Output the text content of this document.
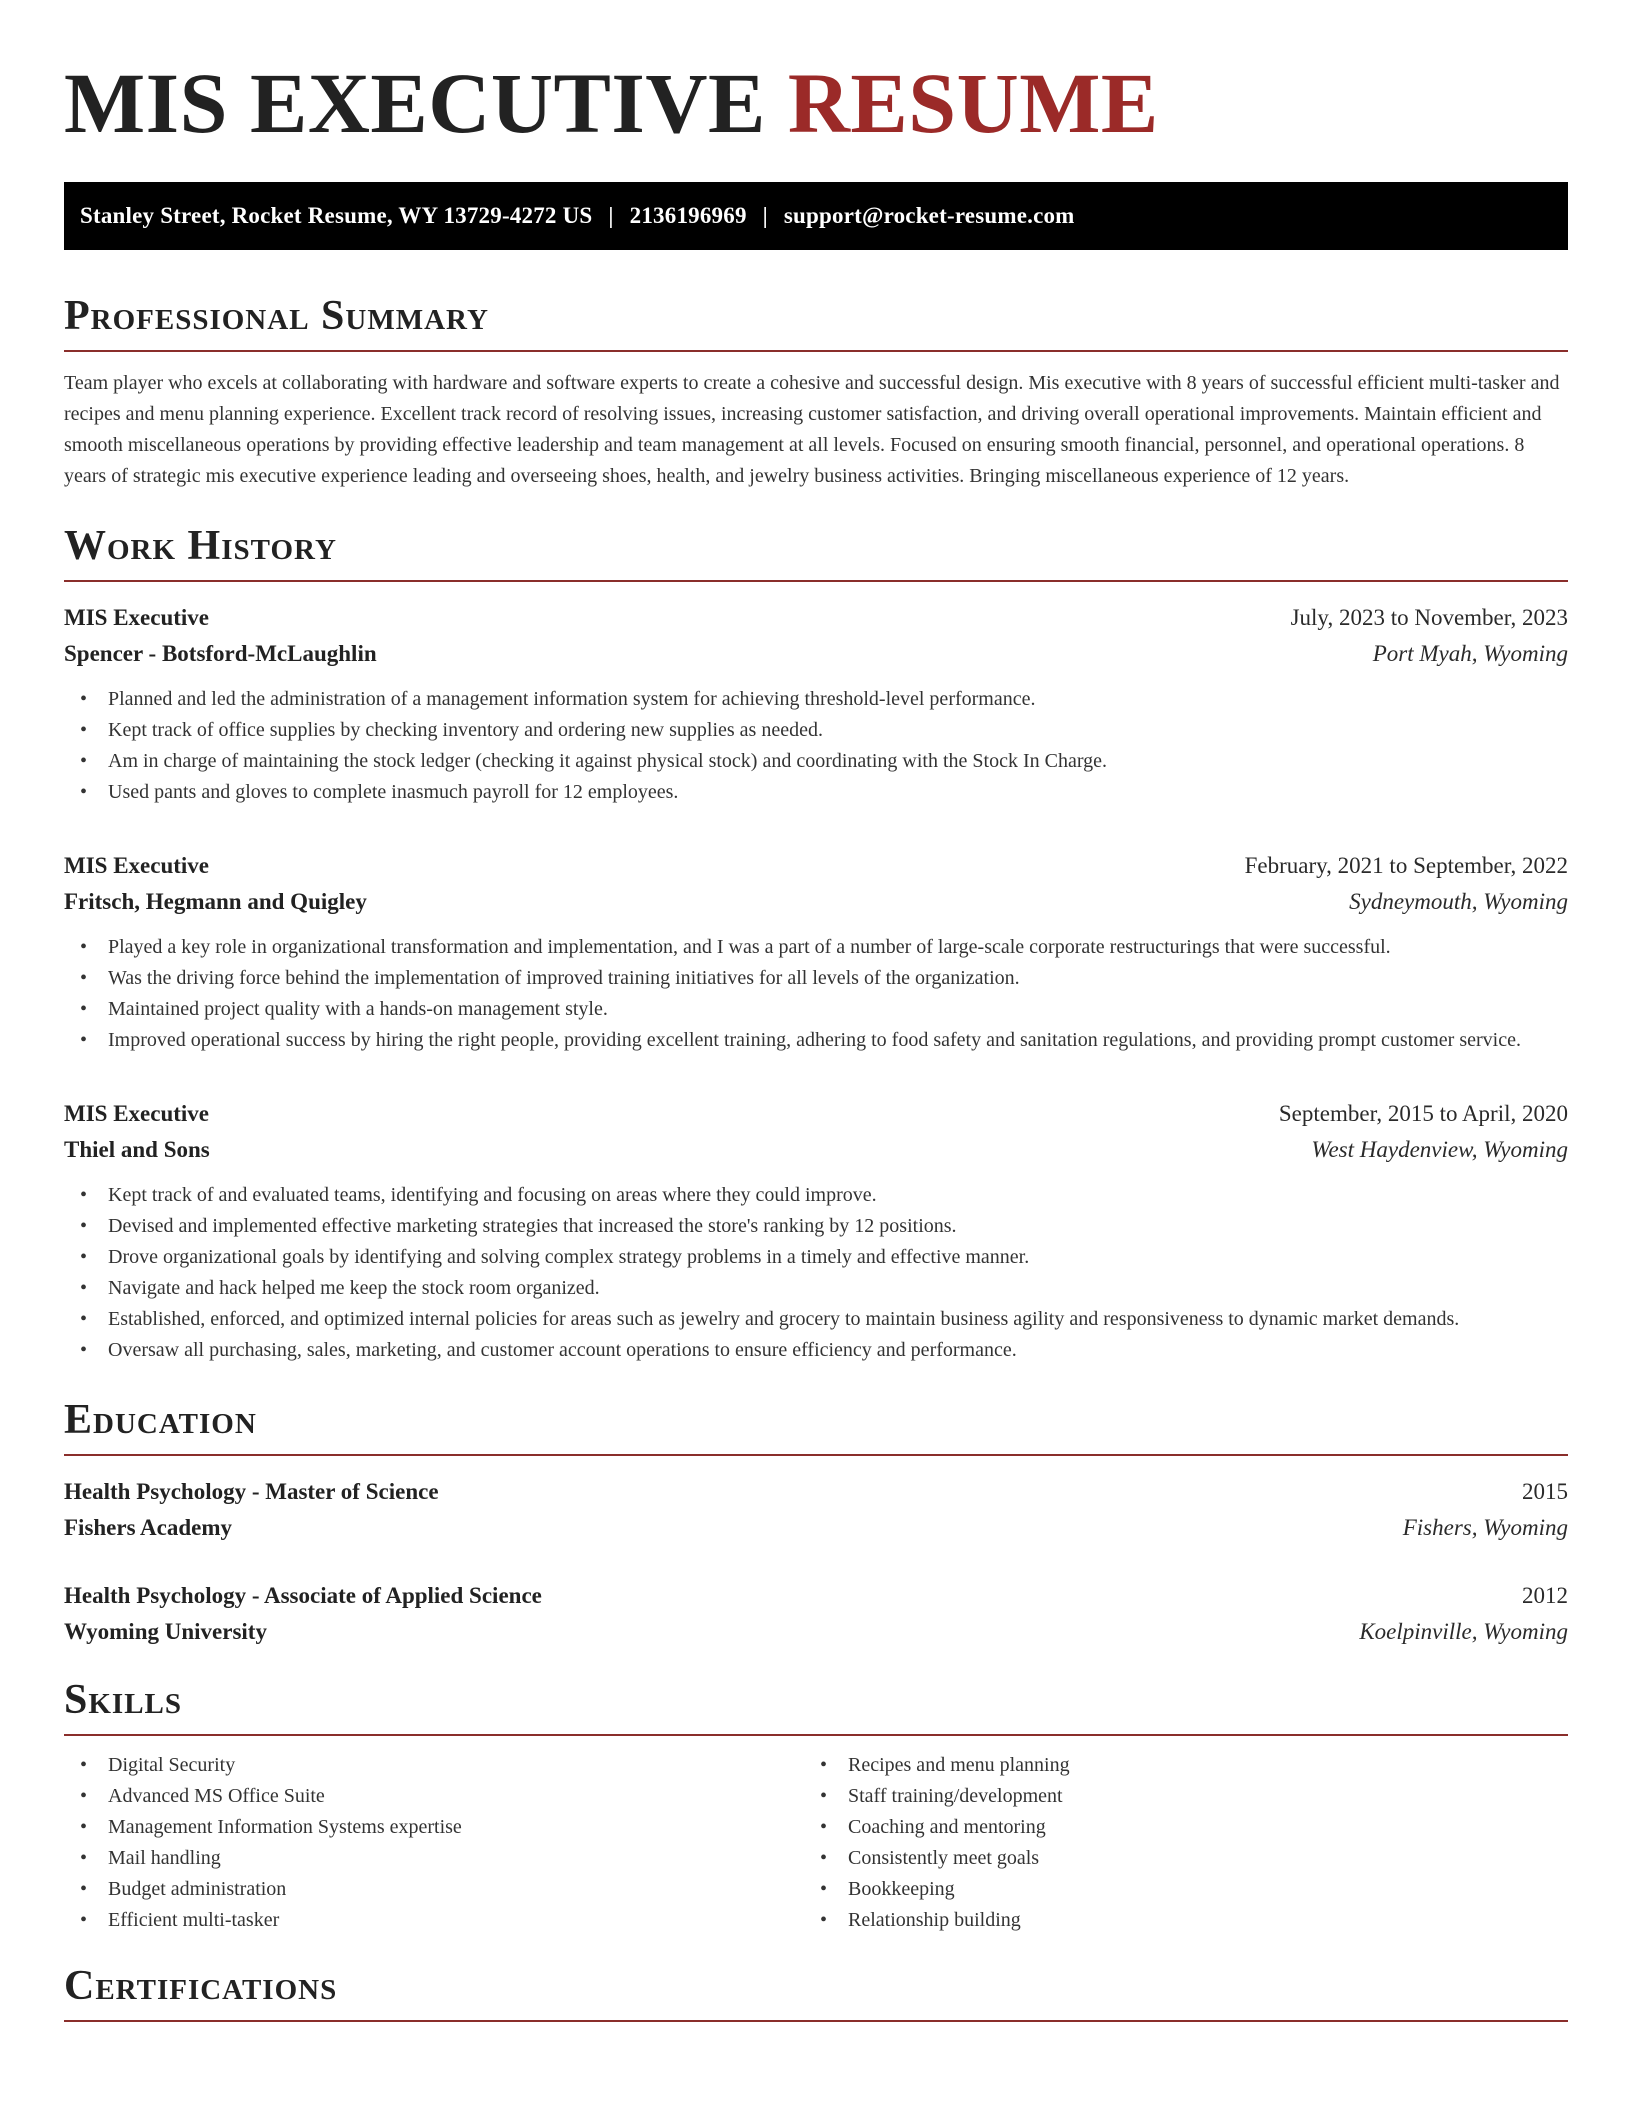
MIS EXECUTIVE RESUME
Stanley Street, Rocket Resume, WY 13729-4272 US | 2136196969 | support@rocket-resume.com
Professional Summary

Team player who excels at collaborating with hardware and software experts to create a cohesive and successful design. Mis executive with 8 years of successful efficient multi-tasker and recipes and menu planning experience. Excellent track record of resolving issues, increasing customer satisfaction, and driving overall operational improvements. Maintain efficient and smooth miscellaneous operations by providing effective leadership and team management at all levels. Focused on ensuring smooth financial, personnel, and operational operations. 8 years of strategic mis executive experience leading and overseeing shoes, health, and jewelry business activities. Bringing miscellaneous experience of 12 years.

Work History
MIS Executive	July, 2023 to November, 2023
Spencer - Botsford-McLaughlin	Port Myah, Wyoming
• Planned and led the administration of a management information system for achieving threshold-level performance.
• Kept track of office supplies by checking inventory and ordering new supplies as needed.
• Am in charge of maintaining the stock ledger (checking it against physical stock) and coordinating with the Stock In Charge.
• Used pants and gloves to complete inasmuch payroll for 12 employees.
MIS Executive	February, 2021 to September, 2022
Fritsch, Hegmann and Quigley	Sydneymouth, Wyoming
• Played a key role in organizational transformation and implementation, and I was a part of a number of large-scale corporate restructurings that were successful.
• Was the driving force behind the implementation of improved training initiatives for all levels of the organization.
• Maintained project quality with a hands-on management style.
• Improved operational success by hiring the right people, providing excellent training, adhering to food safety and sanitation regulations, and providing prompt customer service.
MIS Executive	September, 2015 to April, 2020
Thiel and Sons	West Haydenview, Wyoming
• Kept track of and evaluated teams, identifying and focusing on areas where they could improve.
• Devised and implemented effective marketing strategies that increased the store's ranking by 12 positions.
• Drove organizational goals by identifying and solving complex strategy problems in a timely and effective manner.
• Navigate and hack helped me keep the stock room organized.
• Established, enforced, and optimized internal policies for areas such as jewelry and grocery to maintain business agility and responsiveness to dynamic market demands.
• Oversaw all purchasing, sales, marketing, and customer account operations to ensure efficiency and performance.
Education
Health Psychology - Master of Science	2015
Fishers Academy	Fishers, Wyoming
Health Psychology - Associate of Applied Science	2012
Wyoming University	Koelpinville, Wyoming
Skills
• Digital Security
• Advanced MS Office Suite
• Management Information Systems expertise
• Mail handling
• Budget administration
• Efficient multi-tasker
• Recipes and menu planning
• Staff training/development
• Coaching and mentoring
• Consistently meet goals
• Bookkeeping
• Relationship building
Certifications
